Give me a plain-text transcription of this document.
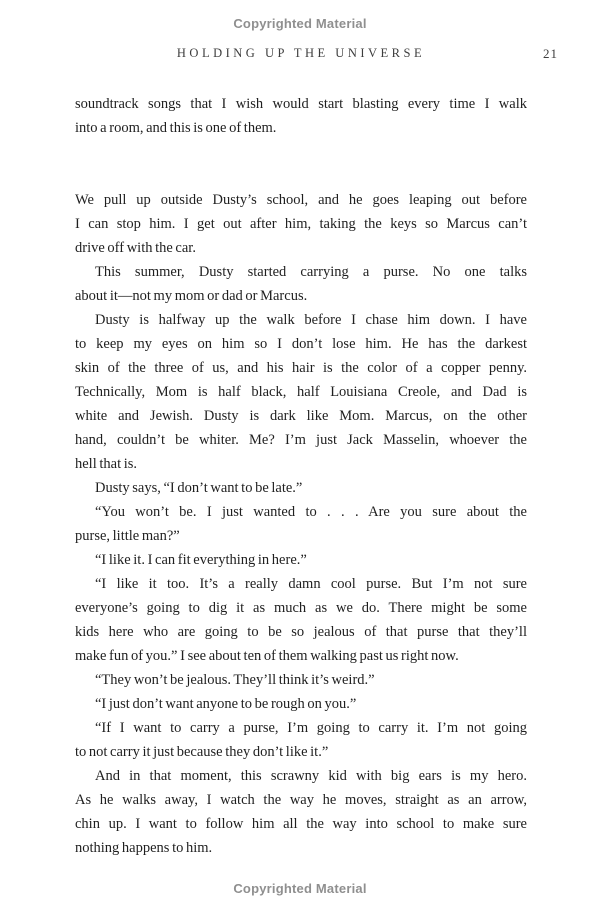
Copyrighted Material
HOLDING UP THE UNIVERSE	21
soundtrack songs that I wish would start blasting every time I walk
into a room, and this is one of them.
We pull up outside Dusty’s school, and he goes leaping out before
I can stop him. I get out after him, taking the keys so Marcus can’t
drive off with the car.
This summer, Dusty started carrying a purse. No one talks
about it—not my mom or dad or Marcus.
Dusty is halfway up the walk before I chase him down. I have
to keep my eyes on him so I don’t lose him. He has the darkest
skin of the three of us, and his hair is the color of a copper penny.
Technically, Mom is half black, half Louisiana Creole, and Dad is
white and Jewish. Dusty is dark like Mom. Marcus, on the other
hand, couldn’t be whiter. Me? I’m just Jack Masselin, whoever the
hell that is.
Dusty says, “I don’t want to be late.”
“You won’t be. I just wanted to . . . Are you sure about the
purse, little man?”
“I like it. I can fit everything in here.”
“I like it too. It’s a really damn cool purse. But I’m not sure
everyone’s going to dig it as much as we do. There might be some
kids here who are going to be so jealous of that purse that they’ll
make fun of you.” I see about ten of them walking past us right now.
“They won’t be jealous. They’ll think it’s weird.”
“I just don’t want anyone to be rough on you.”
“If I want to carry a purse, I’m going to carry it. I’m not going
to not carry it just because they don’t like it.”
And in that moment, this scrawny kid with big ears is my hero.
As he walks away, I watch the way he moves, straight as an arrow,
chin up. I want to follow him all the way into school to make sure
nothing happens to him.
Copyrighted Material
